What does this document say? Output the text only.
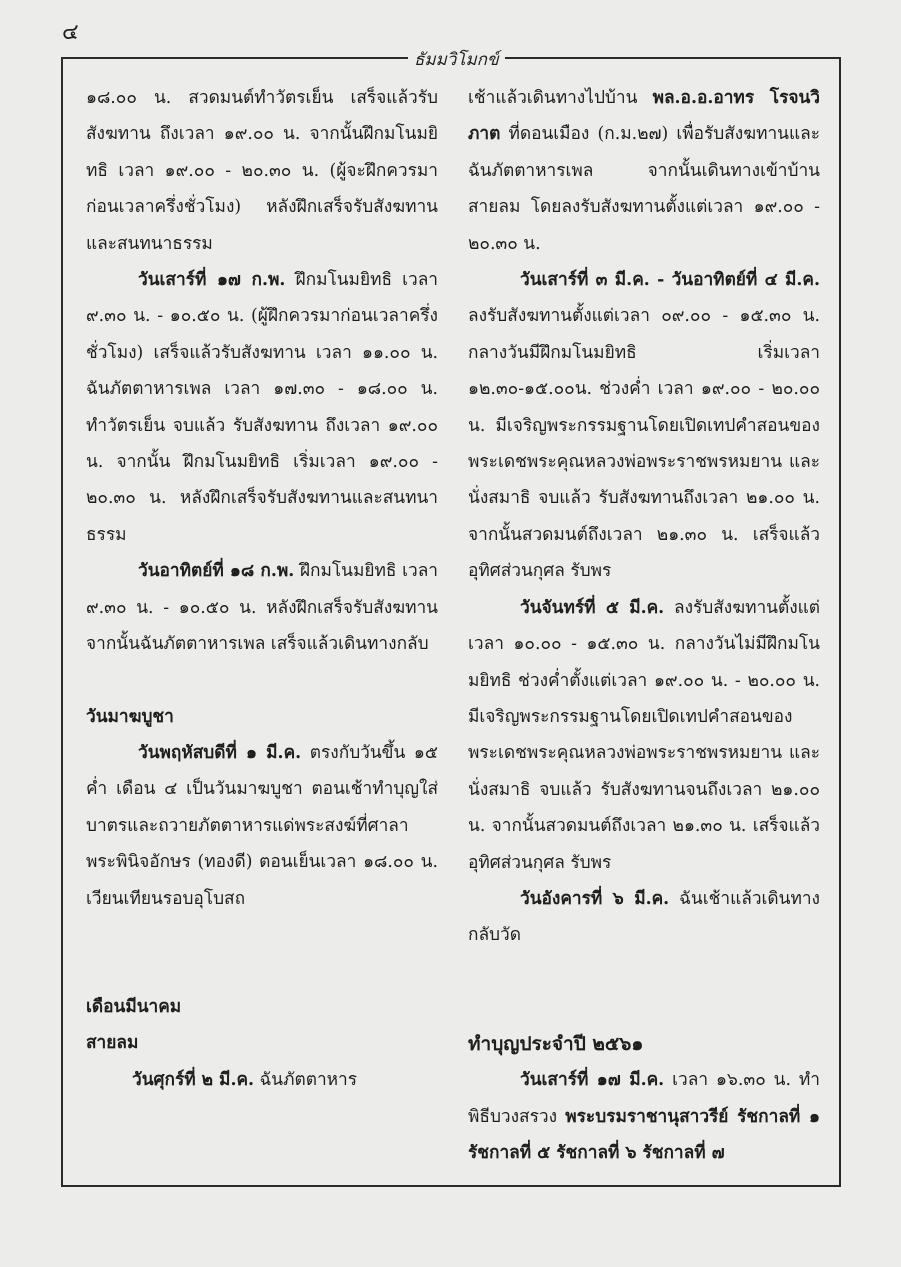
๔
ธัมมวิโมกข์

๑๘.๐๐ น. สวดมนต์ทำวัตรเย็น เสร็จแล้วรับสังฆทาน ถึงเวลา ๑๙.๐๐ น. จากนั้นฝึกมโนมยิทธิ เวลา ๑๙.๐๐ - ๒๐.๓๐ น. (ผู้จะฝึกควรมาก่อนเวลาครึ่งชั่วโมง) หลังฝึกเสร็จรับสังฆทานและสนทนาธรรม

วันเสาร์ที่ ๑๗ ก.พ. ฝึกมโนมยิทธิ เวลา ๙.๓๐ น. - ๑๐.๕๐ น. (ผู้ฝึกควรมาก่อนเวลาครึ่งชั่วโมง) เสร็จแล้วรับสังฆทาน เวลา ๑๑.๐๐ น. ฉันภัตตาหารเพล เวลา ๑๗.๓๐ - ๑๘.๐๐ น. ทำวัตรเย็น จบแล้ว รับสังฆทาน ถึงเวลา ๑๙.๐๐ น. จากนั้น ฝึกมโนมยิทธิ เริ่มเวลา ๑๙.๐๐ - ๒๐.๓๐ น. หลังฝึกเสร็จรับสังฆทานและสนทนาธรรม

วันอาทิตย์ที่ ๑๘ ก.พ. ฝึกมโนมยิทธิ เวลา ๙.๓๐ น. - ๑๐.๕๐ น. หลังฝึกเสร็จรับสังฆทาน จากนั้นฉันภัตตาหารเพล เสร็จแล้วเดินทางกลับ

วันมาฆบูชา

วันพฤหัสบดีที่ ๑ มี.ค. ตรงกับวันขึ้น ๑๕ ค่ำ เดือน ๔ เป็นวันมาฆบูชา ตอนเช้าทำบุญใส่บาตรและถวายภัตตาหารแด่พระสงฆ์ที่ศาลาพระพินิจอักษร (ทองดี) ตอนเย็นเวลา ๑๘.๐๐ น. เวียนเทียนรอบอุโบสถ

เดือนมีนาคม

สายลม

วันศุกร์ที่ ๒ มี.ค. ฉันภัตตาหาร

เช้าแล้วเดินทางไปบ้าน พล.อ.อ.อาทร โรจนวิภาต ที่ดอนเมือง (ก.ม.๒๗) เพื่อรับสังฆทานและฉันภัตตาหารเพล จากนั้นเดินทางเข้าบ้านสายลม โดยลงรับสังฆทานตั้งแต่เวลา ๑๙.๐๐ - ๒๐.๓๐ น.

วันเสาร์ที่ ๓ มี.ค. - วันอาทิตย์ที่ ๔ มี.ค. ลงรับสังฆทานตั้งแต่เวลา ๐๙.๐๐ - ๑๕.๓๐ น. กลางวันมีฝึกมโนมยิทธิ เริ่มเวลา ๑๒.๓๐-๑๕.๐๐น. ช่วงค่ำ เวลา ๑๙.๐๐ - ๒๐.๐๐ น. มีเจริญพระกรรมฐานโดยเปิดเทปคำสอนของพระเดชพระคุณหลวงพ่อพระราชพรหมยาน และนั่งสมาธิ จบแล้ว รับสังฆทานถึงเวลา ๒๑.๐๐ น. จากนั้นสวดมนต์ถึงเวลา ๒๑.๓๐ น. เสร็จแล้วอุทิศส่วนกุศล รับพร

วันจันทร์ที่ ๕ มี.ค. ลงรับสังฆทานตั้งแต่เวลา ๑๐.๐๐ - ๑๕.๓๐ น. กลางวันไม่มีฝึกมโนมยิทธิ ช่วงค่ำตั้งแต่เวลา ๑๙.๐๐ น. - ๒๐.๐๐ น. มีเจริญพระกรรมฐานโดยเปิดเทปคำสอนของพระเดชพระคุณหลวงพ่อพระราชพรหมยาน และนั่งสมาธิ จบแล้ว รับสังฆทานจนถึงเวลา ๒๑.๐๐ น. จากนั้นสวดมนต์ถึงเวลา ๒๑.๓๐ น. เสร็จแล้วอุทิศส่วนกุศล รับพร

วันอังคารที่ ๖ มี.ค. ฉันเช้าแล้วเดินทางกลับวัด

ทำบุญประจำปี ๒๕๖๑

วันเสาร์ที่ ๑๗ มี.ค. เวลา ๑๖.๓๐ น. ทำพิธีบวงสรวง พระบรมราชานุสาวรีย์ รัชกาลที่ ๑ รัชกาลที่ ๕ รัชกาลที่ ๖ รัชกาลที่ ๗
